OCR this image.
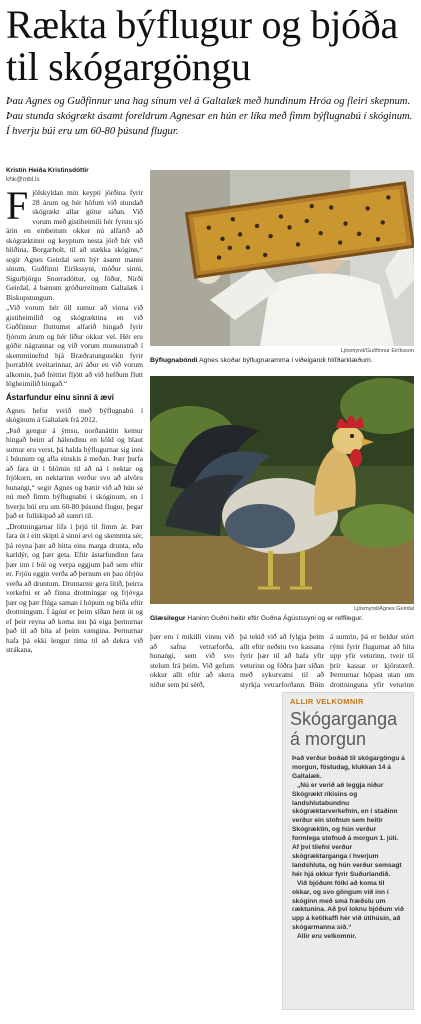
Rækta býflugur og bjóða til skógargöngu

Þau Agnes og Guðfinnur una hag sínum vel á Galtalæk með hundinum Hróa og fleiri skepnum. Þau stunda skógrækt ásamt foreldrum Agnesar en hún er líka með fimm býflugnabú í skóginum. Í hverju búi eru um 60-80 þúsund flugur.

Kristín Heiða Kristinsdóttir
khk@mbl.is
F jölskyldan mín keypti jörðina fyrir 28 árum og hér höfum við stundað skógrækt allar götur síðan. Við vorum með gistiheimili hér fyrstu sjö árin en einbeitum okkur nú alfarið að skógræktinni og keyptum nesta jörð hér við hliðina, Borgarholt, til að stækka skóginn,“ segir Agnes Geirdal sem býr ásamt manni sínum, Guðfinni Eiríkssyni, móður sinni, Sigurbjörgu Snorradóttur, og föður, Nirði Geirdal, á bænum gróðurreitnum Galtalæk í Biskupstungum.

„Við vorum hér öll sumur að vinna við gistiheimilið og skógræktina en við Guðfinnur fluttumst alfarið hingað fyrir fjórum árum og hér líður okkur vel. Hér eru góðir nágrannar og við vorum mununstrað í skemmtinefnd hjá Bræðratungusókn fyrir þorrablót sveitarinnar, árí áður en við vorum alkomin, það fréttist fljótt að við hefðum flutt lögheimilið hingað.“

Ástarfundur einu sinni á ævi

Agnes hefur verið með býflugnabú í skóginum á Galtalæk frá 2012.

„Það gengur á ýmsu, norðanáttin kemur hingað beint af hálendinu en köld og blaut sumur eru verst, þá halda býflugurnar sig inni í búunum og afla einskis á meðan. Þær þurfa að fara út í blómin til að ná í nektar og frjókorn, en nektarinn verður svo að alvöru hunangi,“ segir Agnes og bætir við að hún sé nú með fimm býflugnabú í skóginum, en í hverju búi eru um 60-80 þúsund flugur, þegar það er fullskipað að sumri til.

„Drottningarnar lifa í þrjú til fimm ár. Þær fara út í eitt skipti á sinni ævi og skemmta sér, þá reyna þær að hitta eins marga drunta, eða karldýr, og þær geta. Eftir ástarfundinn fara þær inn í búi og verpa eggjum það sem eftir er. Frjóu eggin verða að þernum en þau ófrjóu verða að druntum. Druntarnir gera lítið, þeirra verkefni er að finna drottningar og frjóvga þær og þær flúga saman í hópum og bíða eftir drottningum. Í ágúst er þeim síðan hent út og ef þeir reyna að koma inn þá eiga þernurnar það til að bíta af þeim vængina. Þernurnar hafa þá ekki lengur tíma til að dekra við strákana,

Ljósmynd/Guðfinnur Eiríksson
Býflugnabóndi Agnes skoðar býflugnaramma í viðeigandi hlífðarklæðum.
Ljósmynd/Agnes Geirdal
Glæsilegur Haninn Guðni heitir eftir Guðna Ágústssyni og er reffilegur.

þær eru í mikilli vinnu við að safna vetrarforða, hunangi, sem við svo stelum frá þeim. Við gefum okkur allt eftir að skera niður sem þú sérð,

þá tekið við að fylgja þeim allt eftir neðstu tvo kassana fyrir þær til að hafa yfir veturinn og fóðra þær síðan með sykurvatni til að styrkja vetrarforðann. Búin

á sumrin, þá er heldur stórt rými fyrir flugurnar að hita upp yfir veturinn, tveir til þrír kassar er kjörstærð. Þernurnar hópast utan um drottninguna yfir veturinn

ALLIR VELKOMNIR
Skógarganga á morgun

Það verður boðað til skógargöngu á morgun, föstudag, klukkan 14 á Galtalæk.

„Nú er verið að leggja niður Skógrækt ríkisins og landshlutabundnu skógræktarverkefnin, en í staðinn verður ein stofnun sem heitir Skógræktin, og hún verður formlega stofnuð á morgun 1. júlí. Af því tilefni verður skógræktarganga í hverjum landshluta, og hún verður semsagt hér hjá okkur fyrir Suðurlandið.

Við bjóðum fólki að koma til okkar, og svo göngum við inn í skóginn með smá fræðslu um ræktunina. Að því loknu bjóðum við upp á ketilkaffi hér við útihúsin, að skógarmanna sið.“

Allir eru velkomnir.
